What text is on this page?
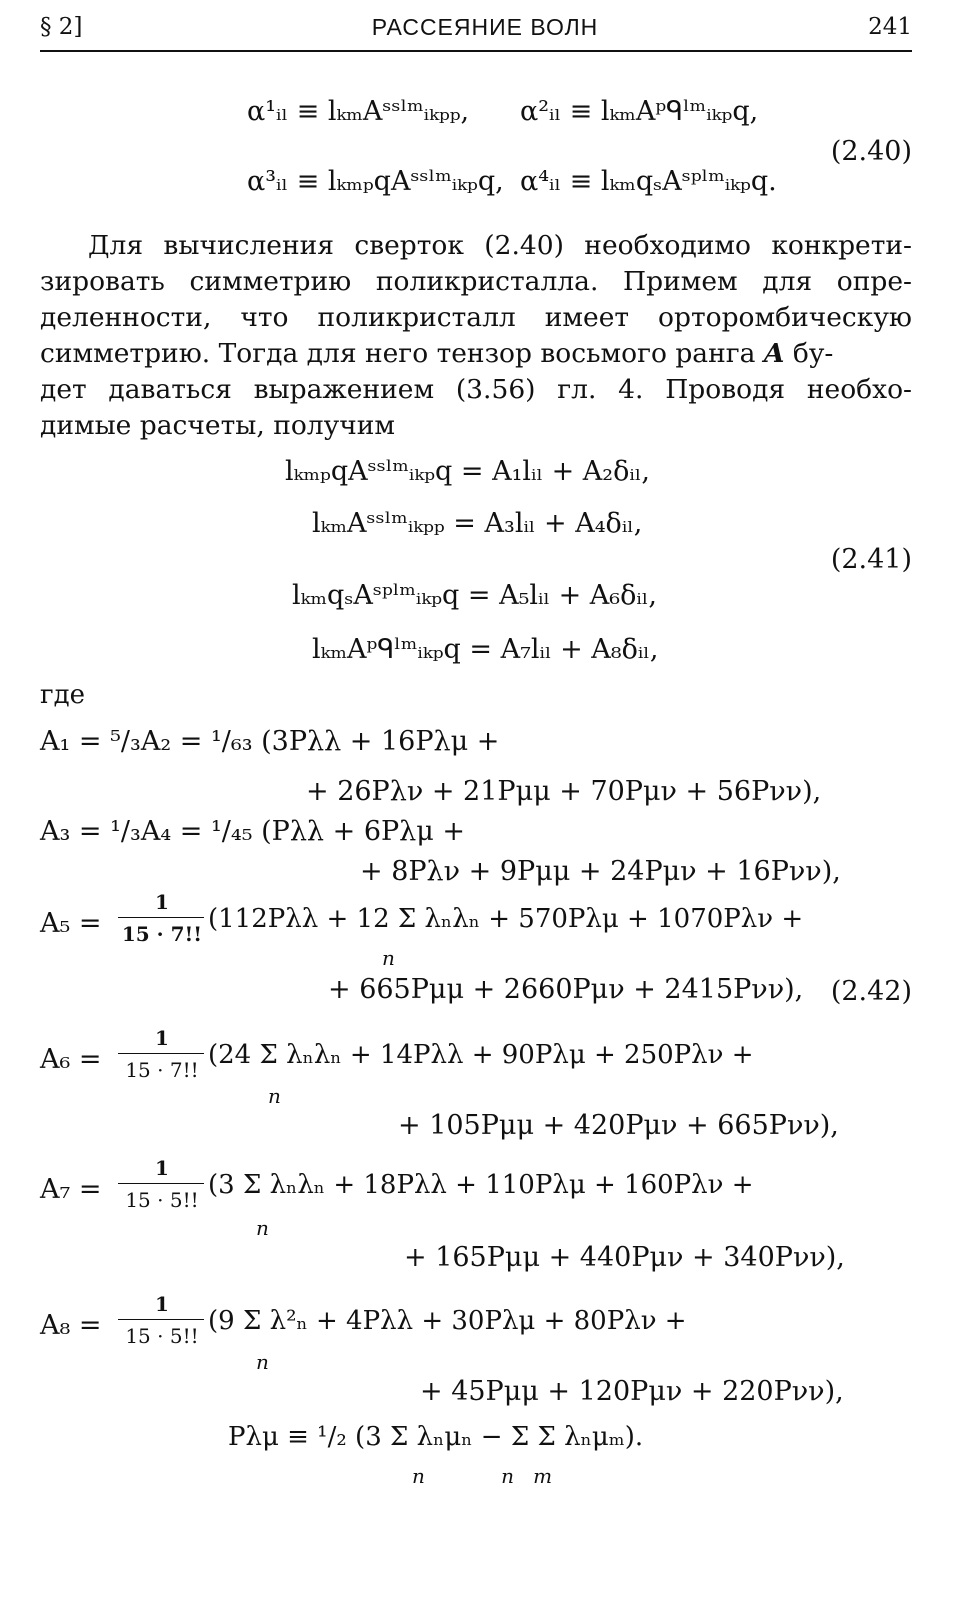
§ 2]	РАССЕЯНИЕ ВОЛН	241
α¹ᵢₗ ≡ lₖₘAˢˢˡᵐᵢₖₚₚ, α²ᵢₗ ≡ lₖₘAᵖᑫˡᵐᵢₖₚq,
α³ᵢₗ ≡ lₖₘₚqAˢˢˡᵐᵢₖₚq, α⁴ᵢₗ ≡ lₖₘqₛAˢᵖˡᵐᵢₖₚq.
(2.40)
Для вычисления сверток (2.40) необходимо конкрети-
зировать симметрию поликристалла. Примем для опре-
деленности, что поликристалл имеет орторомбическую
симметрию. Тогда для него тензор восьмого ранга A бу-
дет даваться выражением (3.56) гл. 4. Проводя необхо-
димые расчеты, получим
lₖₘₚqAˢˢˡᵐᵢₖₚq = A₁lᵢₗ + A₂δᵢₗ,
lₖₘAˢˢˡᵐᵢₖₚₚ = A₃lᵢₗ + A₄δᵢₗ,
lₖₘqₛAˢᵖˡᵐᵢₖₚq = A₅lᵢₗ + A₆δᵢₗ,
lₖₘAᵖᑫˡᵐᵢₖₚq = A₇lᵢₗ + A₈δᵢₗ,
(2.41)
где
A₁ = ⁵/₃A₂ = ¹/₆₃ (3Pλλ + 16Pλμ +
+ 26Pλν + 21Pμμ + 70Pμν + 56Pνν),
A₃ = ¹/₃A₄ = ¹/₄₅ (Pλλ + 6Pλμ +
+ 8Pλν + 9Pμμ + 24Pμν + 16Pνν),
A₅ =
1
15 · 7!! (112Pλλ + 12 Σ λₙλₙ + 570Pλμ + 1070Pλν +
n
+ 665Pμμ + 2660Pμν + 2415Pνν), (2.42)
A₆ =
1
15 · 7!! (24 Σ λₙλₙ + 14Pλλ + 90Pλμ + 250Pλν +
n
+ 105Pμμ + 420Pμν + 665Pνν),
A₇ =
1
15 · 5!! (3 Σ λₙλₙ + 18Pλλ + 110Pλμ + 160Pλν +
n
+ 165Pμμ + 440Pμν + 340Pνν),
A₈ =
1
15 · 5!! (9 Σ λ²ₙ + 4Pλλ + 30Pλμ + 80Pλν +
n
+ 45Pμμ + 120Pμν + 220Pνν),
Pλμ ≡ ¹/₂ (3 Σ λₙμₙ − Σ Σ λₙμₘ).
n            n   m
